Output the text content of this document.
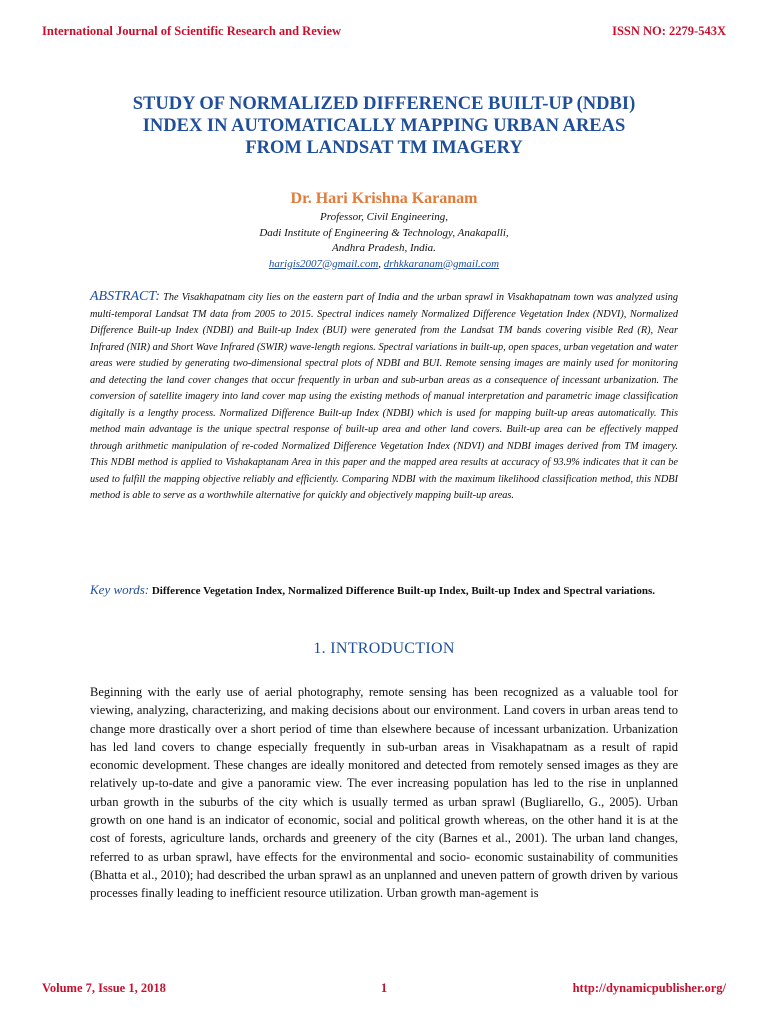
International Journal of Scientific Research and Review	ISSN NO: 2279-543X
STUDY OF NORMALIZED DIFFERENCE BUILT-UP (NDBI)
INDEX IN AUTOMATICALLY MAPPING URBAN AREAS
FROM LANDSAT TM IMAGERY
Dr. Hari Krishna Karanam
Professor, Civil Engineering,
Dadi Institute of Engineering & Technology, Anakapalli,
Andhra Pradesh, India.
harigis2007@gmail.com, drhkkaranam@gmail.com

ABSTRACT: The Visakhapatnam city lies on the eastern part of India and the urban sprawl in Visakhapatnam town was analyzed using multi-temporal Landsat TM data from 2005 to 2015. Spectral indices namely Normalized Difference Vegetation Index (NDVI), Normalized Difference Built-up Index (NDBI) and Built-up Index (BUI) were generated from the Landsat TM bands covering visible Red (R), Near Infrared (NIR) and Short Wave Infrared (SWIR) wave-length regions. Spectral variations in built-up, open spaces, urban vegetation and water areas were studied by generating two-dimensional spectral plots of NDBI and BUI. Remote sensing images are mainly used for monitoring and detecting the land cover changes that occur frequently in urban and sub-urban areas as a consequence of incessant urbanization. The conversion of satellite imagery into land cover map using the existing methods of manual interpretation and parametric image classification digitally is a lengthy process. Normalized Difference Built-up Index (NDBI) which is used for mapping built-up areas automatically. This method main advantage is the unique spectral response of built-up area and other land covers. Built-up area can be effectively mapped through arithmetic manipulation of re-coded Normalized Difference Vegetation Index (NDVI) and NDBI images derived from TM imagery. This NDBI method is applied to Vishakaptanam Area in this paper and the mapped area results at accuracy of 93.9% indicates that it can be used to fulfill the mapping objective reliably and efficiently. Comparing NDBI with the maximum likelihood classification method, this NDBI method is able to serve as a worthwhile alternative for quickly and objectively mapping built-up areas.

Key words: Difference Vegetation Index, Normalized Difference Built-up Index, Built-up Index and Spectral variations.

1. INTRODUCTION

Beginning with the early use of aerial photography, remote sensing has been recognized as a valuable tool for viewing, analyzing, characterizing, and making decisions about our environment. Land covers in urban areas tend to change more drastically over a short period of time than elsewhere because of incessant urbanization. Urbanization has led land covers to change especially frequently in sub-urban areas in Visakhapatnam as a result of rapid economic development. These changes are ideally monitored and detected from remotely sensed images as they are relatively up-to-date and give a panoramic view. The ever increasing population has led to the rise in unplanned urban growth in the suburbs of the city which is usually termed as urban sprawl (Bugliarello, G., 2005). Urban growth on one hand is an indicator of economic, social and political growth whereas, on the other hand it is at the cost of forests, agriculture lands, orchards and greenery of the city (Barnes et al., 2001). The urban land changes, referred to as urban sprawl, have effects for the environmental and socio- economic sustainability of communities (Bhatta et al., 2010); had described the urban sprawl as an unplanned and uneven pattern of growth driven by various processes finally leading to inefficient resource utilization. Urban growth man-agement is

Volume 7, Issue 1, 2018	1	http://dynamicpublisher.org/
